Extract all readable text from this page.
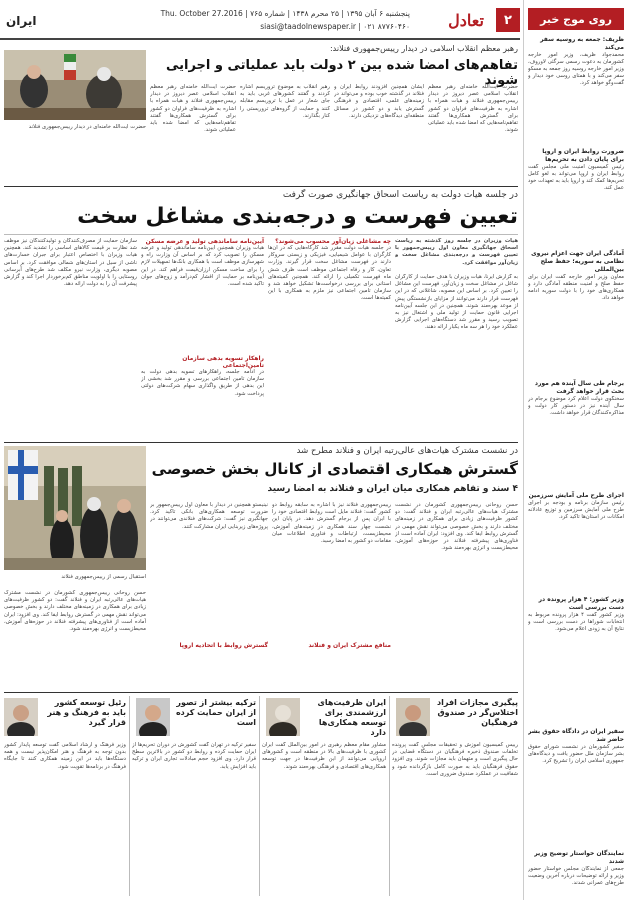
۲
تعادل
پنجشنبه ۶ آبان ۱۳۹۵ | ۲۵ محرم ۱۴۳۸ | شماره ۷۶۵ | Thu. October 27.2016
siasi@taadolnewspaper.ir | ۰۲۱ ۸۷۷۶۰۴۶۰
ایران	روی موج خبر
ظریف: جمعه به روسیه سفر می‌کند
محمدجواد ظریف، وزیر امور خارجه کشورمان به دعوت رسمی سرگئی لاوروف، وزیر امور خارجه روسیه روز جمعه به مسکو سفر می‌کند و با همتای روسی خود دیدار و گفت‌وگو خواهد کرد.
ضرورت روابط ایران و اروپا برای پایان دادن به تحریم‌ها
رئیس کمیسیون امنیت ملی مجلس گفت روابط ایران و اروپا می‌تواند به لغو کامل تحریم‌ها کمک کند و اروپا باید به تعهدات خود عمل کند.
آمادگی ایران جهت اعزام نیروی نظامی به سوریه؛ حفظ صلح بین‌المللی
معاون وزیر امور خارجه گفت ایران برای حفظ صلح و امنیت منطقه آمادگی دارد و همکاری‌های خود را با دولت سوریه ادامه خواهد داد.
برجام طی سال آینده هم مورد بحث قرار خواهد گرفت
سخنگوی دولت اعلام کرد موضوع برجام در سال آینده نیز در دستور کار دولت و مذاکره‌کنندگان قرار خواهد داشت.
اجرای طرح ملی آمایش سرزمین
رئیس سازمان برنامه و بودجه بر اجرای طرح ملی آمایش سرزمین و توزیع عادلانه امکانات در استان‌ها تاکید کرد.
وزیر کشور: ۴ هزار پرونده در دست بررسی است
وزیر کشور گفت ۴ هزار پرونده مربوط به انتخابات شوراها در دست بررسی است و نتایج آن به زودی اعلام می‌شود.
سفیر ایران در دادگاه حقوق بشر حاضر شد
سفیر کشورمان در نشست شورای حقوق بشر سازمان ملل حضور یافت و دیدگاه‌های جمهوری اسلامی ایران را تشریح کرد.
نمایندگان خواستار توضیح وزیر شدند
جمعی از نمایندگان مجلس خواستار حضور وزیر و ارائه توضیحات درباره آخرین وضعیت طرح‌های عمرانی شدند.
رهبر معظم انقلاب اسلامی در دیدار رییس‌جمهوری فنلاند:
تفاهم‌های امضا شده بین ۲ دولت باید عملیاتی و اجرایی شوند
حضرت آیت‌الله خامنه‌ای رهبر معظم انقلاب اسلامی عصر دیروز در دیدار رییس‌جمهوری فنلاند و هیات همراه با اشاره به ظرفیت‌های فراوان دو کشور برای گسترش همکاری‌ها گفتند تفاهم‌نامه‌هایی که امضا شده باید عملیاتی شوند.
ایشان همچنین افزودند روابط ایران و فنلاند در گذشته خوب بوده و می‌تواند در زمینه‌های علمی، اقتصادی و فرهنگی گسترش یابد و دو کشور در مسائل منطقه‌ای دیدگاه‌های نزدیکی دارند.
رهبر انقلاب به موضوع تروریسم اشاره کردند و گفتند کشورهای غربی باید به جای شعار در عمل با تروریسم مقابله کنند و حمایت از گروه‌های تروریستی را کنار بگذارند.
حضرت آیت‌الله خامنه‌ای رهبر معظم انقلاب اسلامی عصر دیروز در دیدار رییس‌جمهوری فنلاند و هیات همراه با اشاره به ظرفیت‌های فراوان دو کشور برای گسترش همکاری‌ها گفتند تفاهم‌نامه‌هایی که امضا شده باید عملیاتی شوند.
حضرت آیت‌الله خامنه‌ای در دیدار رییس‌جمهوری فنلاند
در جلسه هیات دولت به ریاست اسحاق جهانگیری صورت گرفت
تعیین فهرست و درجه‌بندی مشاغل سخت
هیات وزیران در جلسه روز گذشته به ریاست اسحاق جهانگیری معاون اول رییس‌جمهور با تعیین فهرست و درجه‌بندی مشاغل سخت و زیان‌آور موافقت کرد.
به گزارش ایرنا، هیات وزیران با هدف حمایت از کارگران شاغل در مشاغل سخت و زیان‌آور، فهرست این مشاغل را تعیین کرد. بر اساس این مصوبه، شاغلانی که در این فهرست قرار دارند می‌توانند از مزایای بازنشستگی پیش از موعد بهره‌مند شوند. همچنین در این جلسه آیین‌نامه اجرایی قانون حمایت از تولید ملی و اشتغال نیز به تصویب رسید و مقرر شد دستگاه‌های اجرایی گزارش عملکرد خود را هر سه ماه یکبار ارائه دهند.
چه مشاغلی زیان‌آور محسوب می‌شوند؟
در جلسه هیات دولت مقرر شد کارگاه‌هایی که در آن‌ها کارگران با عوامل شیمیایی، فیزیکی و زیستی سروکار دارند در فهرست مشاغل سخت قرار گیرند. وزارت تعاون، کار و رفاه اجتماعی موظف است ظرف شش ماه فهرست تکمیلی را ارائه کند. همچنین کمیته‌های استانی برای بررسی درخواست‌ها تشکیل خواهد شد و سازمان تامین اجتماعی نیز ملزم به همکاری با این کمیته‌ها است.
آیین‌نامه ساماندهی تولید و عرضه مسکن
هیات وزیران همچنین آیین‌نامه ساماندهی تولید و عرضه مسکن را تصویب کرد که بر اساس آن وزارت راه و شهرسازی موظف است با همکاری بانک‌ها تسهیلات لازم را برای ساخت مسکن ارزان‌قیمت فراهم کند. در این آیین‌نامه بر حمایت از اقشار کم‌درآمد و زوج‌های جوان تاکید شده است.
راهکار تسویه بدهی سازمان تامین‌اجتماعی
در ادامه جلسه، راهکارهای تسویه بدهی دولت به سازمان تامین اجتماعی بررسی و مقرر شد بخشی از این بدهی از طریق واگذاری سهام شرکت‌های دولتی پرداخت شود.
سازمان حمایت از مصرف‌کنندگان و تولیدکنندگان نیز موظف شد نظارت بر قیمت کالاهای اساسی را تشدید کند. همچنین هیات وزیران با اختصاص اعتبار برای جبران خسارت‌های ناشی از سیل در استان‌های شمالی موافقت کرد. بر اساس مصوبه دیگری، وزارت نیرو مکلف شد طرح‌های آبرسانی روستایی را با اولویت مناطق کم‌برخوردار اجرا کند و گزارش پیشرفت آن را به دولت ارائه دهد.
در نشست مشترک هیات‌های عالی‌رتبه ایران و فنلاند مطرح شد
گسترش همکاری اقتصادی از کانال بخش خصوصی
۴ سند و تفاهم همکاری میان ایران و فنلاند به امضا رسید
استقبال رسمی از رییس‌جمهوری فنلاند
حسن روحانی رییس‌جمهوری کشورمان در نشست مشترک هیات‌های عالی‌رتبه ایران و فنلاند گفت: دو کشور ظرفیت‌های زیادی برای همکاری در زمینه‌های مختلف دارند و بخش خصوصی می‌تواند نقش مهمی در گسترش روابط ایفا کند. وی افزود: ایران آماده است از فناوری‌های پیشرفته فنلاند در حوزه‌های آموزش، محیط‌زیست و انرژی بهره‌مند شود.
رییس‌جمهوری فنلاند نیز با اشاره به سابقه روابط دو کشور گفت: فنلاند مایل است روابط اقتصادی خود را با ایران پس از برجام گسترش دهد. در پایان این نشست چهار سند همکاری در زمینه‌های آموزش، محیط‌زیست، ارتباطات و فناوری اطلاعات میان مقامات دو کشور به امضا رسید.
منافع مشترک ایران و فنلاند
نینیستو همچنین در دیدار با معاون اول رییس‌جمهور بر ضرورت توسعه همکاری‌های بانکی تاکید کرد. جهانگیری نیز گفت: شرکت‌های فنلاندی می‌توانند در پروژه‌های زیربنایی ایران مشارکت کنند.
گسترش روابط با اتحادیه اروپا
حسن روحانی رییس‌جمهوری کشورمان در نشست مشترک هیات‌های عالی‌رتبه ایران و فنلاند گفت: دو کشور ظرفیت‌های زیادی برای همکاری در زمینه‌های مختلف دارند و بخش خصوصی می‌تواند نقش مهمی در گسترش روابط ایفا کند. وی افزود: ایران آماده است از فناوری‌های پیشرفته فنلاند در حوزه‌های آموزش، محیط‌زیست و انرژی بهره‌مند شود.
پیگیری مجازات افراد اختلاس‌گر در صندوق فرهنگیان
رییس کمیسیون آموزش و تحقیقات مجلس گفت پرونده تخلفات صندوق ذخیره فرهنگیان در دستگاه قضایی در حال پیگیری است و متهمان باید مجازات شوند. وی افزود حقوق فرهنگیان باید به صورت کامل بازگردانده شود و شفافیت در عملکرد صندوق ضروری است.
ایران ظرفیت‌های ارزشمندی برای توسعه همکاری‌ها دارد
مشاور مقام معظم رهبری در امور بین‌الملل گفت ایران کشوری با ظرفیت‌های بالا در منطقه است و کشورهای اروپایی می‌توانند از این ظرفیت‌ها در جهت توسعه همکاری‌های اقتصادی و فرهنگی بهره‌مند شوند.
ترکیه بیشتر از تصور از ایران حمایت کرده است
سفیر ترکیه در تهران گفت کشورش در دوران تحریم‌ها از ایران حمایت کرده و روابط دو کشور در بالاترین سطح قرار دارد. وی افزود حجم مبادلات تجاری ایران و ترکیه باید افزایش یابد.
رئیل توسعه کشور باید به فرهنگ و هنر قرار گیرد
وزیر فرهنگ و ارشاد اسلامی گفت توسعه پایدار کشور بدون توجه به فرهنگ و هنر امکان‌پذیر نیست و همه دستگاه‌ها باید در این زمینه همکاری کنند تا جایگاه فرهنگ در برنامه‌ها تقویت شود.
